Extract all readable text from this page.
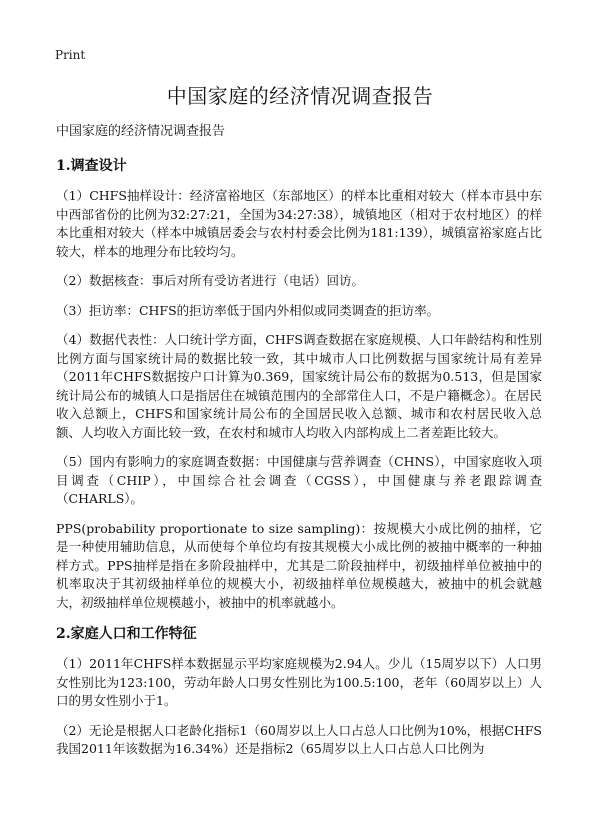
Print
中国家庭的经济情况调查报告

中国家庭的经济情况调查报告

1.调查设计

（1）CHFS抽样设计：经济富裕地区（东部地区）的样本比重相对较大（样本市县中东中西部省份的比例为32:27:21，全国为34:27:38），城镇地区（相对于农村地区）的样本比重相对较大（样本中城镇居委会与农村村委会比例为181:139），城镇富裕家庭占比较大，样本的地理分布比较均匀。

（2）数据核查：事后对所有受访者进行（电话）回访。

（3）拒访率：CHFS的拒访率低于国内外相似或同类调查的拒访率。

（4）数据代表性：人口统计学方面，CHFS调查数据在家庭规模、人口年龄结构和性别比例方面与国家统计局的数据比较一致，其中城市人口比例数据与国家统计局有差异（2011年CHFS数据按户口计算为0.369，国家统计局公布的数据为0.513，但是国家统计局公布的城镇人口是指居住在城镇范围内的全部常住人口，不是户籍概念）。在居民收入总额上，CHFS和国家统计局公布的全国居民收入总额、城市和农村居民收入总额、人均收入方面比较一致，在农村和城市人均收入内部构成上二者差距比较大。

（5）国内有影响力的家庭调查数据：中国健康与营养调查（CHNS），中国家庭收入项目调查（CHIP），中国综合社会调查（CGSS），中国健康与养老跟踪调查（CHARLS）。

PPS(probability proportionate to size sampling)：按规模大小成比例的抽样，它是一种使用辅助信息，从而使每个单位均有按其规模大小成比例的被抽中概率的一种抽样方式。PPS抽样是指在多阶段抽样中，尤其是二阶段抽样中，初级抽样单位被抽中的机率取决于其初级抽样单位的规模大小，初级抽样单位规模越大，被抽中的机会就越大，初级抽样单位规模越小，被抽中的机率就越小。

2.家庭人口和工作特征

（1）2011年CHFS样本数据显示平均家庭规模为2.94人。少儿（15周岁以下）人口男女性别比为123:100，劳动年龄人口男女性别比为100.5:100，老年（60周岁以上）人口的男女性别小于1。

（2）无论是根据人口老龄化指标1（60周岁以上人口占总人口比例为10%，根据CHFS我国2011年该数据为16.34%）还是指标2（65周岁以上人口占总人口比例为
